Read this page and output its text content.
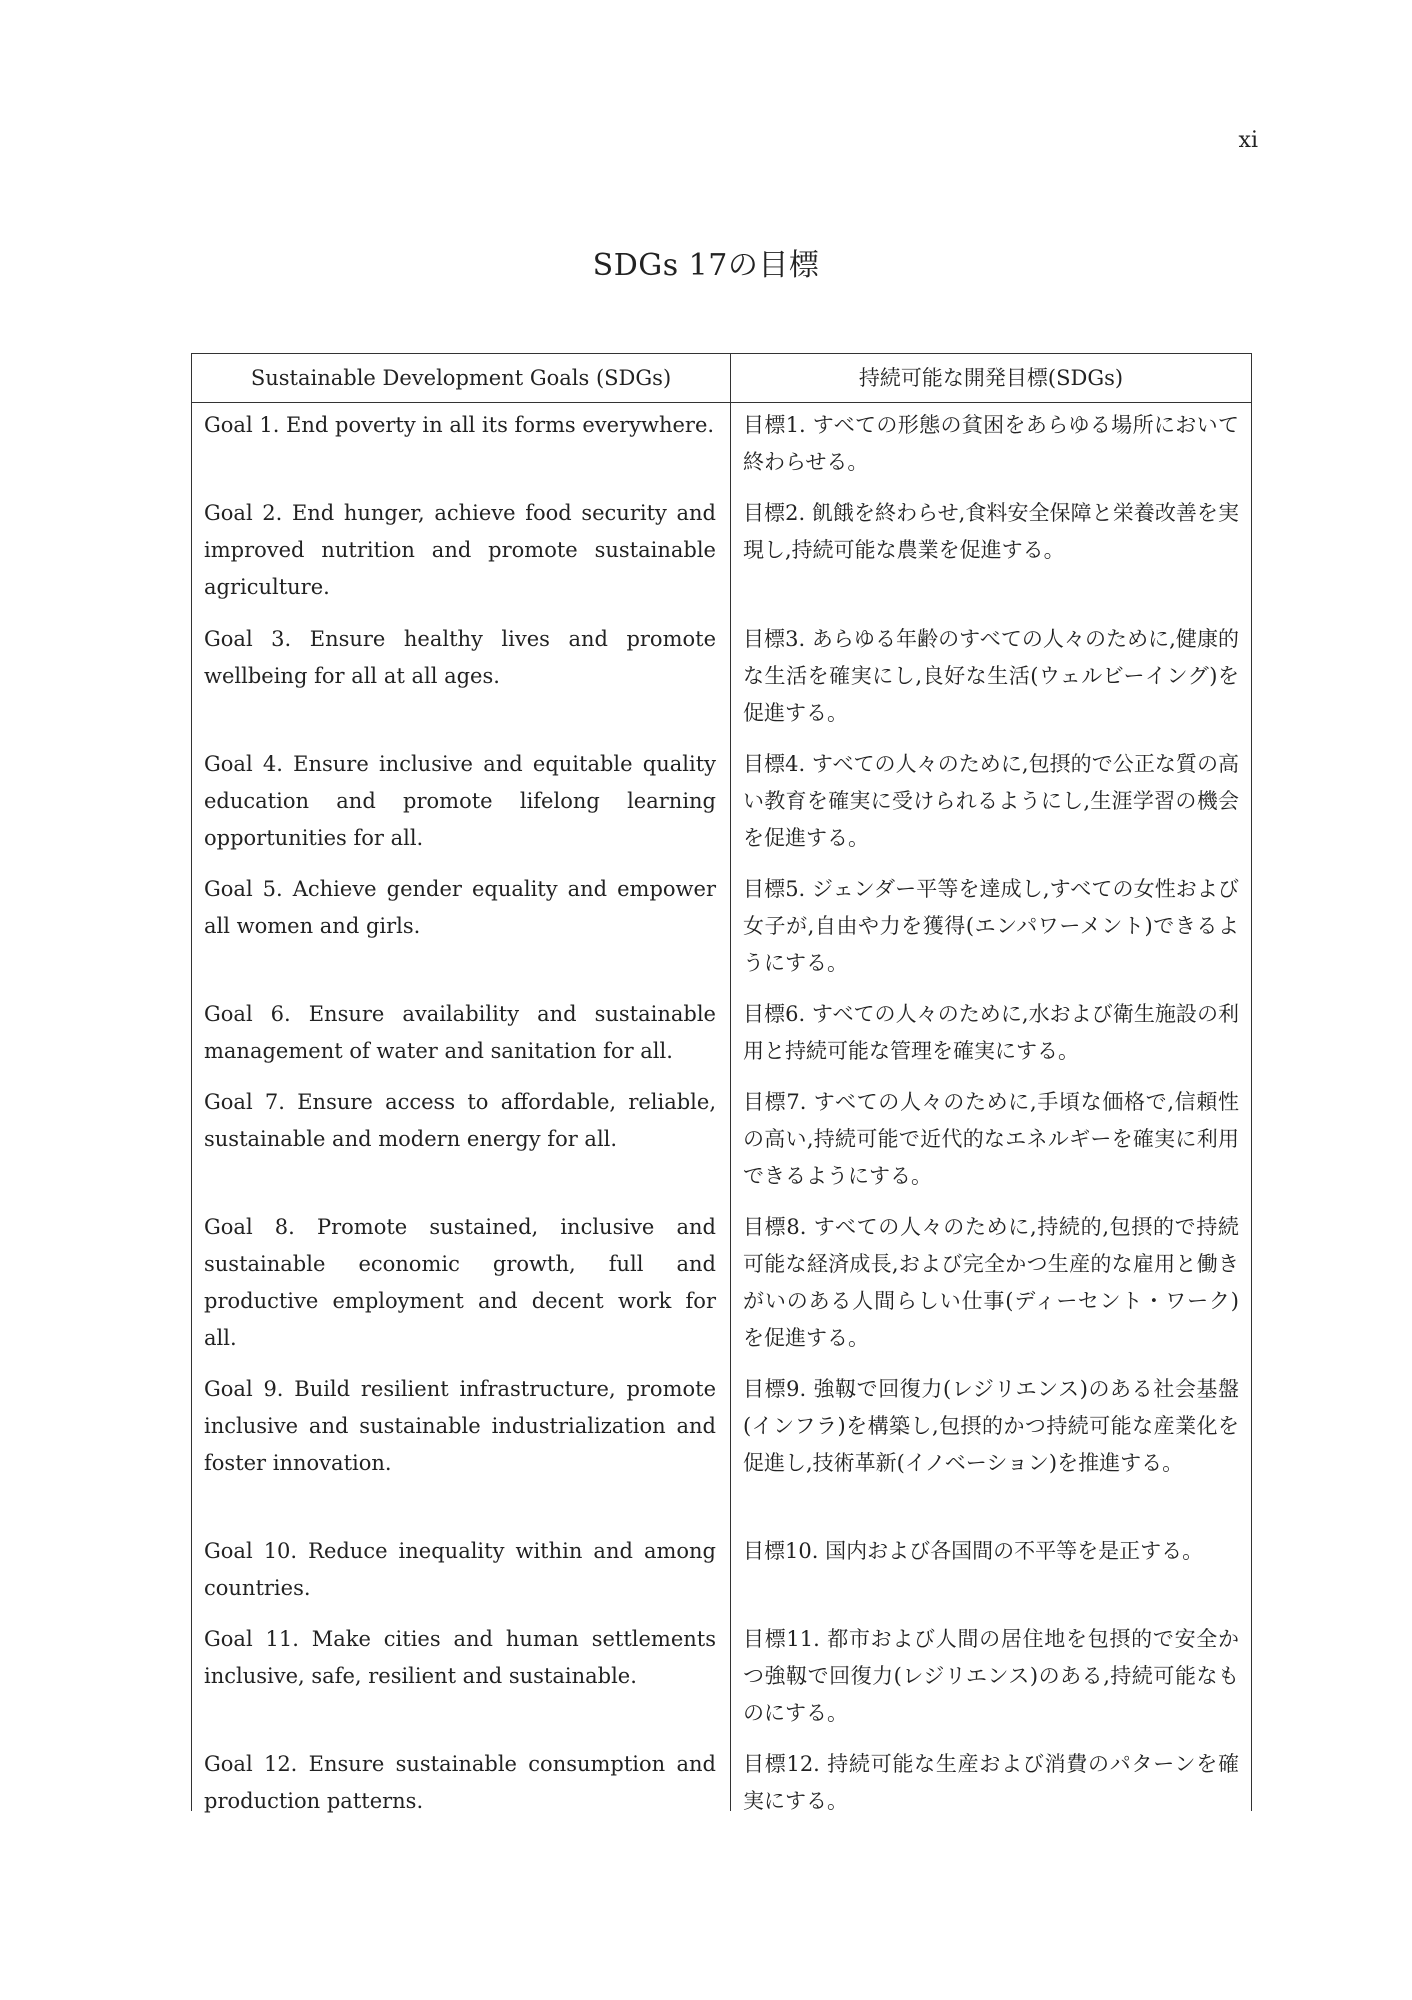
xi
SDGs 17の目標
Sustainable Development Goals (SDGs)	持続可能な開発目標(SDGs)
Goal 1. End poverty in all its forms everywhere. 目標1. すべての形態の貧困をあらゆる場所において終わらせる。
Goal 2. End hunger, achieve food security and improved nutrition and promote sustainable agriculture.
目標2. 飢餓を終わらせ,食料安全保障と栄養改善を実現し,持続可能な農業を促進する。
Goal 3. Ensure healthy lives and promote wellbeing for all at all ages.
目標3. あらゆる年齢のすべての人々のために,健康的な生活を確実にし,良好な生活(ウェルビーイング)を促進する。
Goal 4. Ensure inclusive and equitable quality education and promote lifelong learning opportunities for all.
目標4. すべての人々のために,包摂的で公正な質の高い教育を確実に受けられるようにし,生涯学習の機会を促進する。
Goal 5. Achieve gender equality and empower all women and girls.
目標5. ジェンダー平等を達成し,すべての女性および女子が,自由や力を獲得(エンパワーメント)できるようにする。
Goal 6. Ensure availability and sustainable management of water and sanitation for all.
目標6. すべての人々のために,水および衛生施設の利用と持続可能な管理を確実にする。
Goal 7. Ensure access to affordable, reliable, sustainable and modern energy for all.
目標7. すべての人々のために,手頃な価格で,信頼性の高い,持続可能で近代的なエネルギーを確実に利用できるようにする。
Goal 8. Promote sustained, inclusive and sustainable economic growth, full and productive employment and decent work for all.
目標8. すべての人々のために,持続的,包摂的で持続可能な経済成長,および完全かつ生産的な雇用と働きがいのある人間らしい仕事(ディーセント・ワーク)を促進する。
Goal 9. Build resilient infrastructure, promote inclusive and sustainable industrialization and foster innovation.
目標9. 強靱で回復力(レジリエンス)のある社会基盤(インフラ)を構築し,包摂的かつ持続可能な産業化を促進し,技術革新(イノベーション)を推進する。
Goal 10. Reduce inequality within and among countries.
目標10. 国内および各国間の不平等を是正する。
Goal 11. Make cities and human settlements inclusive, safe, resilient and sustainable.
目標11. 都市および人間の居住地を包摂的で安全かつ強靱で回復力(レジリエンス)のある,持続可能なものにする。
Goal 12. Ensure sustainable consumption and production patterns.
目標12. 持続可能な生産および消費のパターンを確実にする。
